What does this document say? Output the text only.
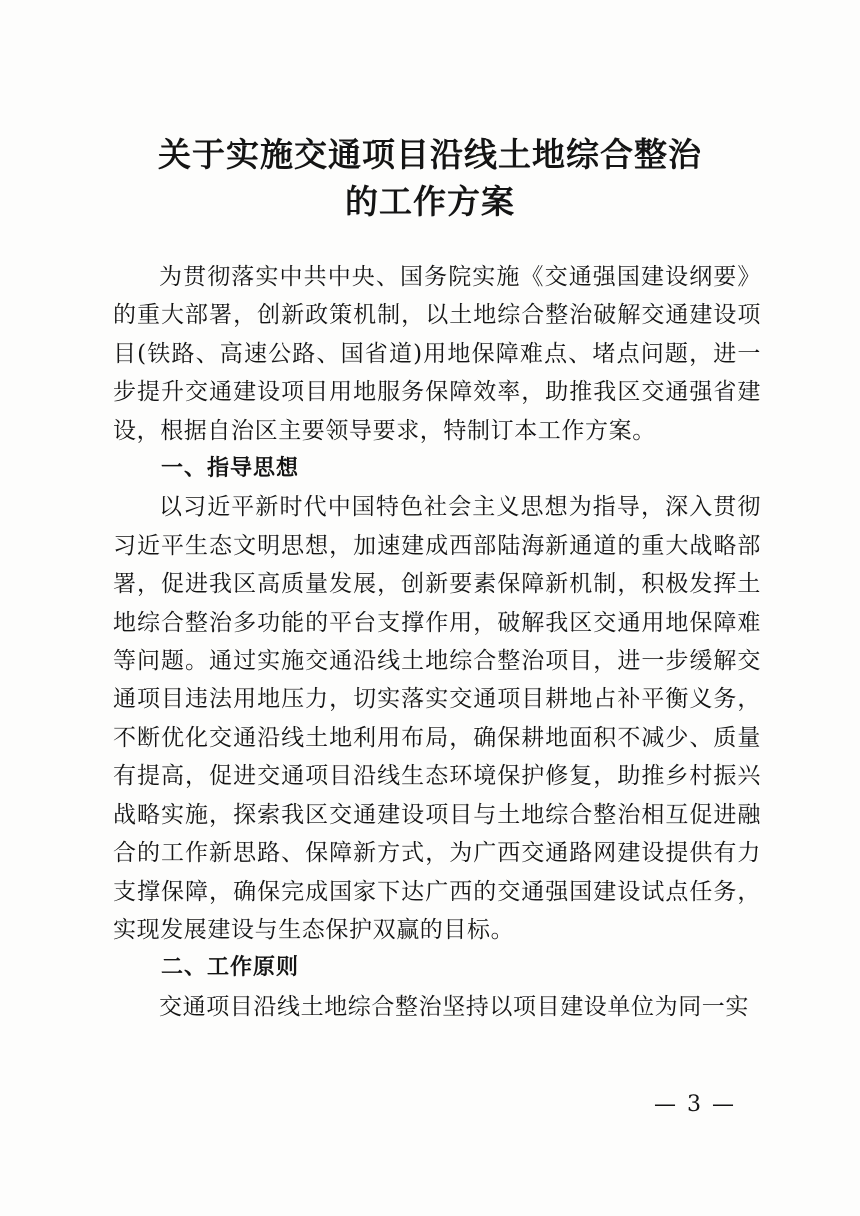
关于实施交通项目沿线土地综合整治
的工作方案

为贯彻落实中共中央、国务院实施《交通强国建设纲要》的重大部署，创新政策机制，以土地综合整治破解交通建设项目(铁路、高速公路、国省道)用地保障难点、堵点问题，进一步提升交通建设项目用地服务保障效率，助推我区交通强省建设，根据自治区主要领导要求，特制订本工作方案。

一、指导思想

以习近平新时代中国特色社会主义思想为指导，深入贯彻习近平生态文明思想，加速建成西部陆海新通道的重大战略部署，促进我区高质量发展，创新要素保障新机制，积极发挥土地综合整治多功能的平台支撑作用，破解我区交通用地保障难等问题。通过实施交通沿线土地综合整治项目，进一步缓解交通项目违法用地压力，切实落实交通项目耕地占补平衡义务，不断优化交通沿线土地利用布局，确保耕地面积不减少、质量有提高，促进交通项目沿线生态环境保护修复，助推乡村振兴战略实施，探索我区交通建设项目与土地综合整治相互促进融合的工作新思路、保障新方式，为广西交通路网建设提供有力支撑保障，确保完成国家下达广西的交通强国建设试点任务，实现发展建设与生态保护双赢的目标。

二、工作原则

交通项目沿线土地综合整治坚持以项目建设单位为同一实

— 3 —
